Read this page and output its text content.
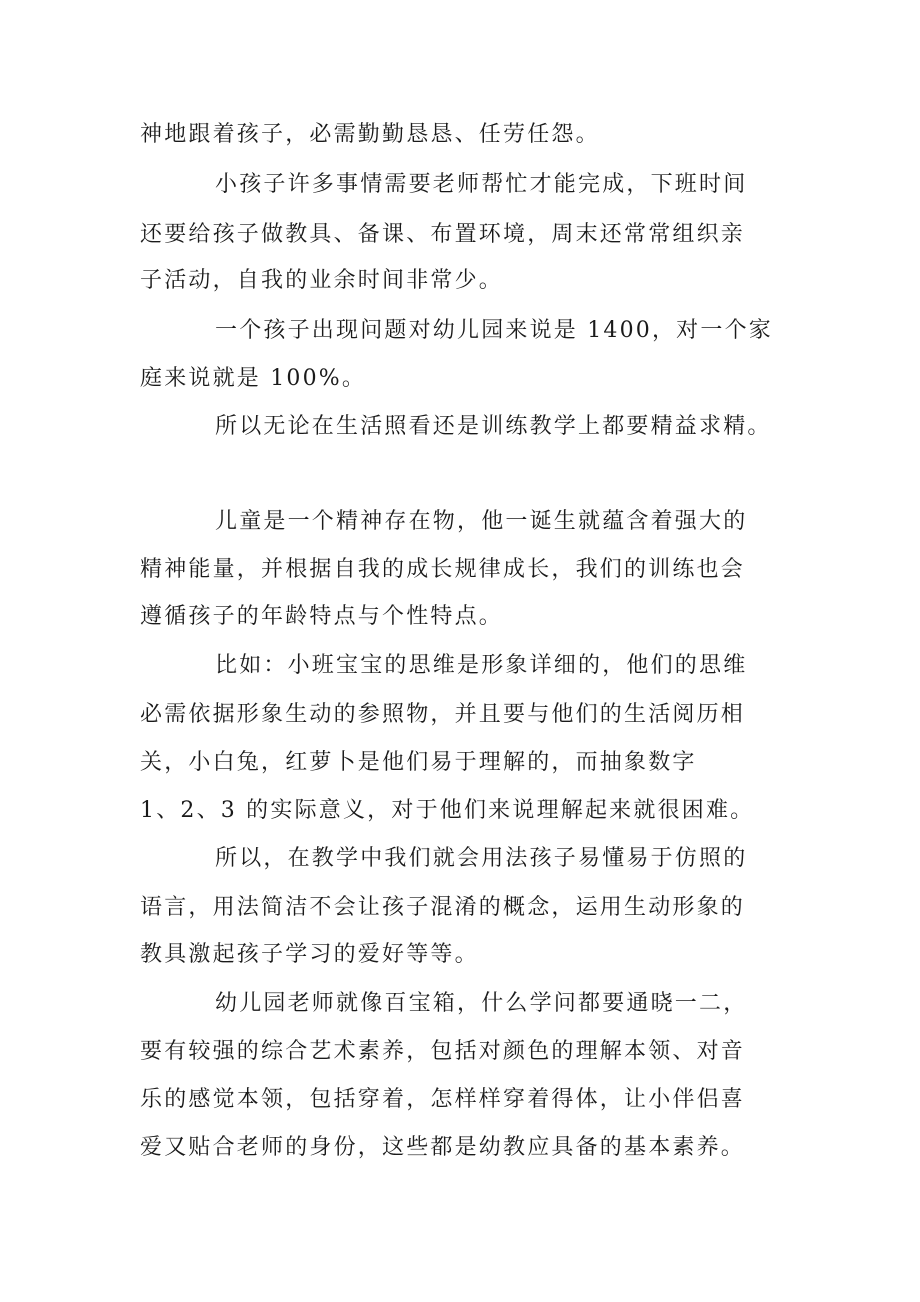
神地跟着孩子，必需勤勤恳恳、任劳任怨。
小孩子许多事情需要老师帮忙才能完成，下班时间
还要给孩子做教具、备课、布置环境，周末还常常组织亲
子活动，自我的业余时间非常少。
一个孩子出现问题对幼儿园来说是 1400，对一个家
庭来说就是 100%。
所以无论在生活照看还是训练教学上都要精益求精。
儿童是一个精神存在物，他一诞生就蕴含着强大的
精神能量，并根据自我的成长规律成长，我们的训练也会
遵循孩子的年龄特点与个性特点。
比如：小班宝宝的思维是形象详细的，他们的思维
必需依据形象生动的参照物，并且要与他们的生活阅历相
关，小白兔，红萝卜是他们易于理解的，而抽象数字
1、2、3 的实际意义，对于他们来说理解起来就很困难。
所以，在教学中我们就会用法孩子易懂易于仿照的
语言，用法简洁不会让孩子混淆的概念，运用生动形象的
教具激起孩子学习的爱好等等。
幼儿园老师就像百宝箱，什么学问都要通晓一二，
要有较强的综合艺术素养，包括对颜色的理解本领、对音
乐的感觉本领，包括穿着，怎样样穿着得体，让小伴侣喜
爱又贴合老师的身份，这些都是幼教应具备的基本素养。
